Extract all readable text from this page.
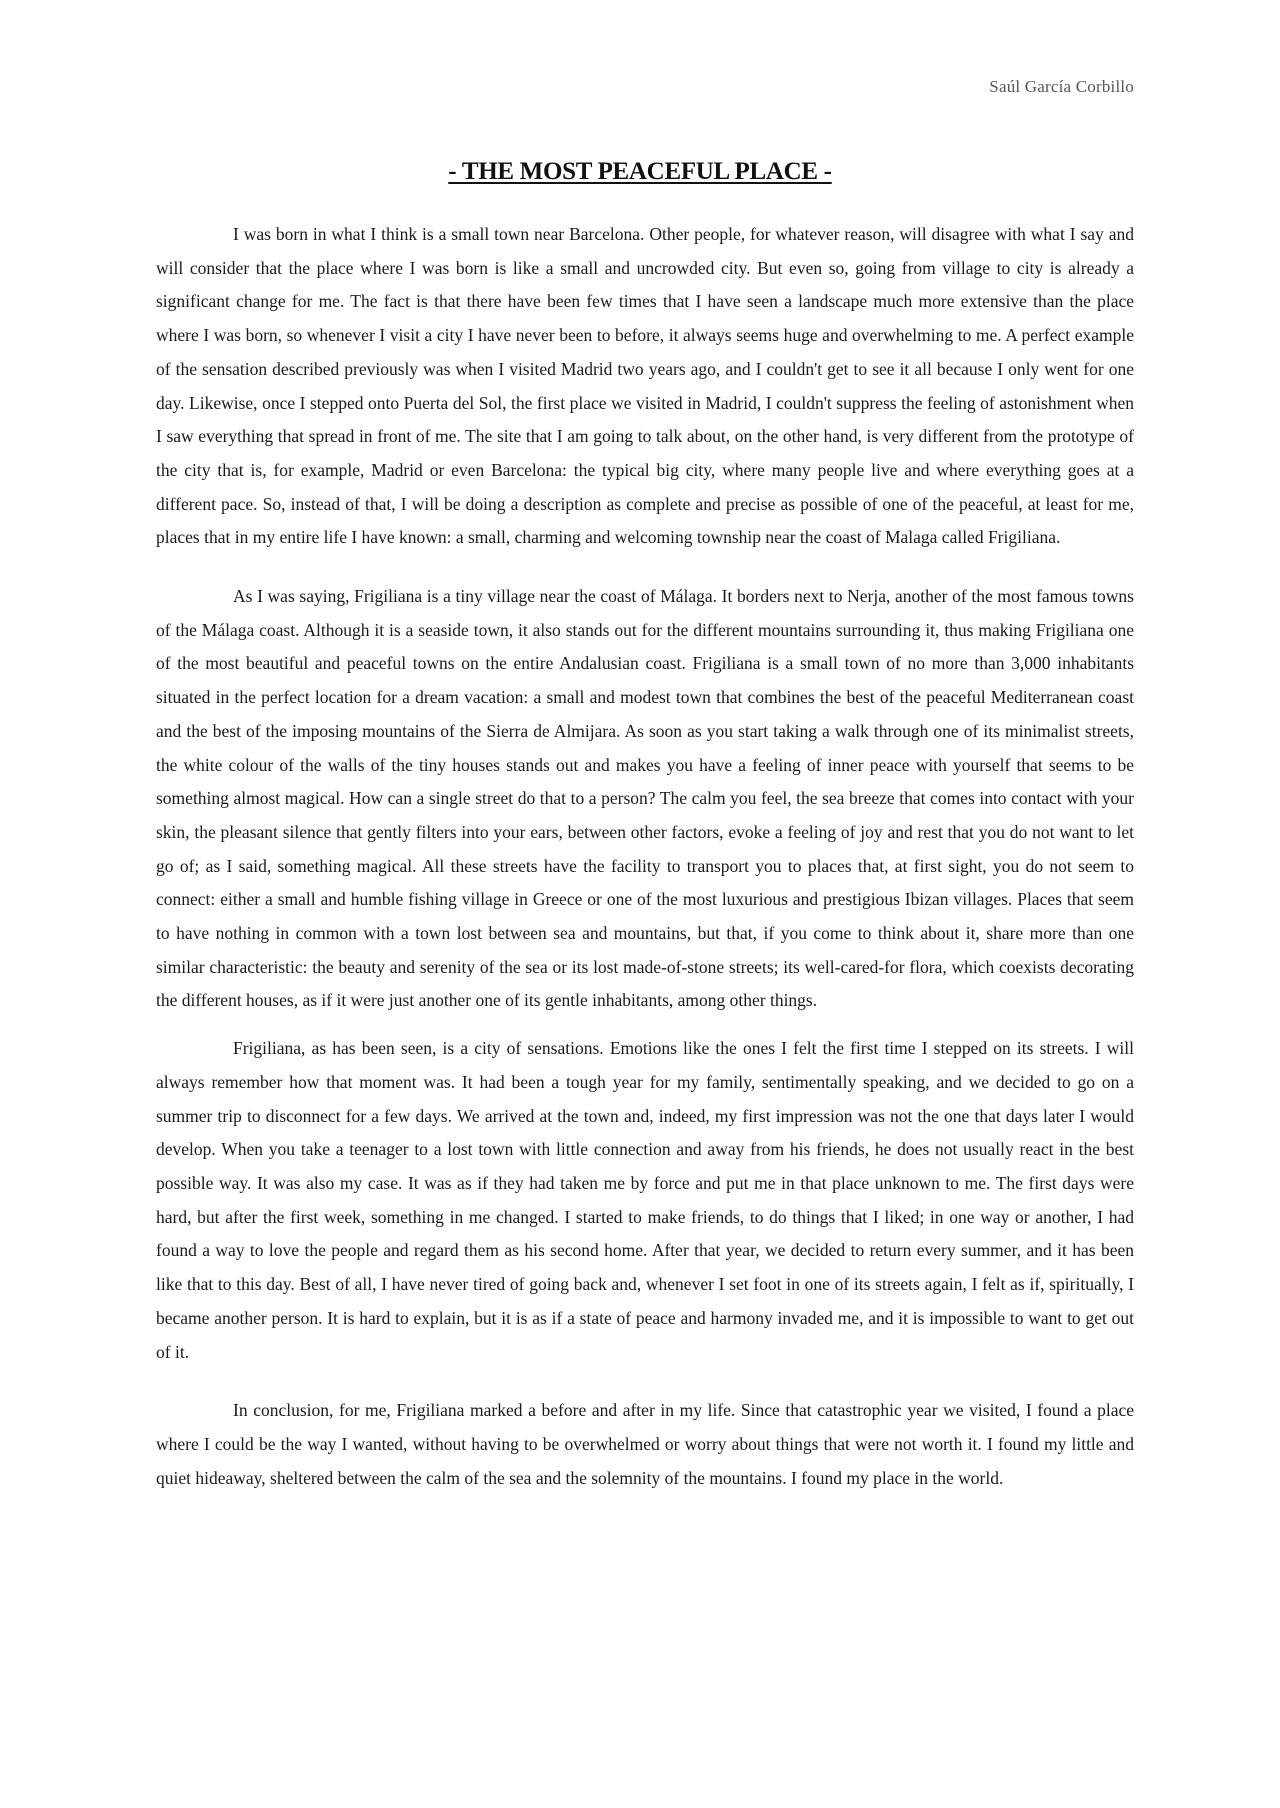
Saúl García Corbillo
- THE MOST PEACEFUL PLACE -

I was born in what I think is a small town near Barcelona. Other people, for whatever reason, will disagree with what I say and will consider that the place where I was born is like a small and uncrowded city. But even so, going from village to city is already a significant change for me. The fact is that there have been few times that I have seen a landscape much more extensive than the place where I was born, so whenever I visit a city I have never been to before, it always seems huge and overwhelming to me. A perfect example of the sensation described previously was when I visited Madrid two years ago, and I couldn't get to see it all because I only went for one day. Likewise, once I stepped onto Puerta del Sol, the first place we visited in Madrid, I couldn't suppress the feeling of astonishment when I saw everything that spread in front of me. The site that I am going to talk about, on the other hand, is very different from the prototype of the city that is, for example, Madrid or even Barcelona: the typical big city, where many people live and where everything goes at a different pace. So, instead of that, I will be doing a description as complete and precise as possible of one of the peaceful, at least for me, places that in my entire life I have known: a small, charming and welcoming township near the coast of Malaga called Frigiliana.

As I was saying, Frigiliana is a tiny village near the coast of Málaga. It borders next to Nerja, another of the most famous towns of the Málaga coast. Although it is a seaside town, it also stands out for the different mountains surrounding it, thus making Frigiliana one of the most beautiful and peaceful towns on the entire Andalusian coast. Frigiliana is a small town of no more than 3,000 inhabitants situated in the perfect location for a dream vacation: a small and modest town that combines the best of the peaceful Mediterranean coast and the best of the imposing mountains of the Sierra de Almijara. As soon as you start taking a walk through one of its minimalist streets, the white colour of the walls of the tiny houses stands out and makes you have a feeling of inner peace with yourself that seems to be something almost magical. How can a single street do that to a person? The calm you feel, the sea breeze that comes into contact with your skin, the pleasant silence that gently filters into your ears, between other factors, evoke a feeling of joy and rest that you do not want to let go of; as I said, something magical. All these streets have the facility to transport you to places that, at first sight, you do not seem to connect: either a small and humble fishing village in Greece or one of the most luxurious and prestigious Ibizan villages. Places that seem to have nothing in common with a town lost between sea and mountains, but that, if you come to think about it, share more than one similar characteristic: the beauty and serenity of the sea or its lost made-of-stone streets; its well-cared-for flora, which coexists decorating the different houses, as if it were just another one of its gentle inhabitants, among other things.

Frigiliana, as has been seen, is a city of sensations. Emotions like the ones I felt the first time I stepped on its streets. I will always remember how that moment was. It had been a tough year for my family, sentimentally speaking, and we decided to go on a summer trip to disconnect for a few days. We arrived at the town and, indeed, my first impression was not the one that days later I would develop. When you take a teenager to a lost town with little connection and away from his friends, he does not usually react in the best possible way. It was also my case. It was as if they had taken me by force and put me in that place unknown to me. The first days were hard, but after the first week, something in me changed. I started to make friends, to do things that I liked; in one way or another, I had found a way to love the people and regard them as his second home. After that year, we decided to return every summer, and it has been like that to this day. Best of all, I have never tired of going back and, whenever I set foot in one of its streets again, I felt as if, spiritually, I became another person. It is hard to explain, but it is as if a state of peace and harmony invaded me, and it is impossible to want to get out of it.

In conclusion, for me, Frigiliana marked a before and after in my life. Since that catastrophic year we visited, I found a place where I could be the way I wanted, without having to be overwhelmed or worry about things that were not worth it. I found my little and quiet hideaway, sheltered between the calm of the sea and the solemnity of the mountains. I found my place in the world.
